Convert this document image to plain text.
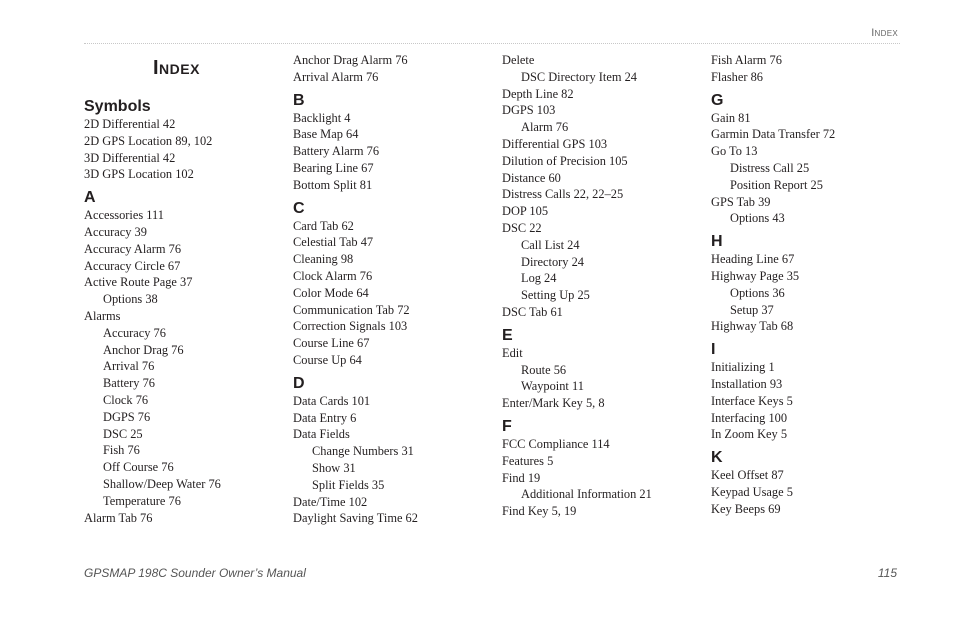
Index
Index
Symbols
2D Differential 42
2D GPS Location 89, 102
3D Differential 42
3D GPS Location 102
A
Accessories 111
Accuracy 39
Accuracy Alarm 76
Accuracy Circle 67
Active Route Page 37
Options 38
Alarms
Accuracy 76
Anchor Drag 76
Arrival 76
Battery 76
Clock 76
DGPS 76
DSC 25
Fish 76
Off Course 76
Shallow/Deep Water 76
Temperature 76
Alarm Tab 76
Anchor Drag Alarm 76
Arrival Alarm 76
B
Backlight 4
Base Map 64
Battery Alarm 76
Bearing Line 67
Bottom Split 81
C
Card Tab 62
Celestial Tab 47
Cleaning 98
Clock Alarm 76
Color Mode 64
Communication Tab 72
Correction Signals 103
Course Line 67
Course Up 64
D
Data Cards 101
Data Entry 6
Data Fields
Change Numbers 31
Show 31
Split Fields 35
Date/Time 102
Daylight Saving Time 62
Delete
DSC Directory Item 24
Depth Line 82
DGPS 103
Alarm 76
Differential GPS 103
Dilution of Precision 105
Distance 60
Distress Calls 22, 22–25
DOP 105
DSC 22
Call List 24
Directory 24
Log 24
Setting Up 25
DSC Tab 61
E
Edit
Route 56
Waypoint 11
Enter/Mark Key 5, 8
F
FCC Compliance 114
Features 5
Find 19
Additional Information 21
Find Key 5, 19
Fish Alarm 76
Flasher 86
G
Gain 81
Garmin Data Transfer 72
Go To 13
Distress Call 25
Position Report 25
GPS Tab 39
Options 43
H
Heading Line 67
Highway Page 35
Options 36
Setup 37
Highway Tab 68
I
Initializing 1
Installation 93
Interface Keys 5
Interfacing 100
In Zoom Key 5
K
Keel Offset 87
Keypad Usage 5
Key Beeps 69
GPSMAP 198C Sounder Owner’s Manual	115
